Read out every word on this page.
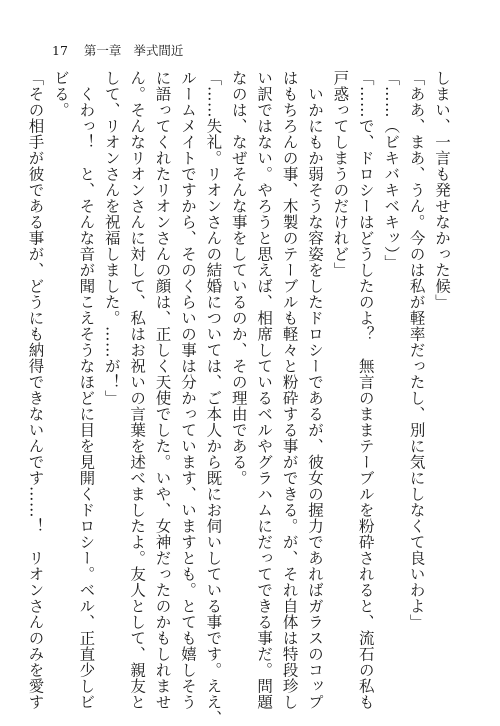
17 第一章 挙式間近
しまい、一言も発せなかった候」
「ああ、まあ、うん。今のは私が軽率だったし、別に気にしなくて良いわよ」
「……（ビキバキベキッ）」
「……で、ドロシーはどうしたのよ？　無言のままテーブルを粉砕されると、流石の私も
戸惑ってしまうのだけれど」
いかにもか弱そうな容姿をしたドロシーであるが、彼女の握力であればガラスのコップ
はもちろんの事、木製のテーブルも軽々と粉砕する事ができる。が、それ自体は特段珍し
い訳ではない。やろうと思えば、相席しているベルやグラハムにだってできる事だ。問題
なのは、なぜそんな事をしているのか、その理由である。
「……失礼。リオンさんの結婚については、ご本人から既にお伺いしている事です。ええ、
ルームメイトですから、そのくらいの事は分かっています、いますとも。とても嬉しそう
に語ってくれたリオンさんの顔は、正しく天使でした。いや、女神だったのかもしれませ
ん。そんなリオンさんに対して、私はお祝いの言葉を述べましたよ。友人として、親友と
して、リオンさんを祝福しました。……が！」
くわっ！　と、そんな音が聞こえそうなほどに目を見開くドロシー。ベル、正直少しビ
ビる。
「その相手が彼である事が、どうにも納得できないんです……！　リオンさんのみを愛す
